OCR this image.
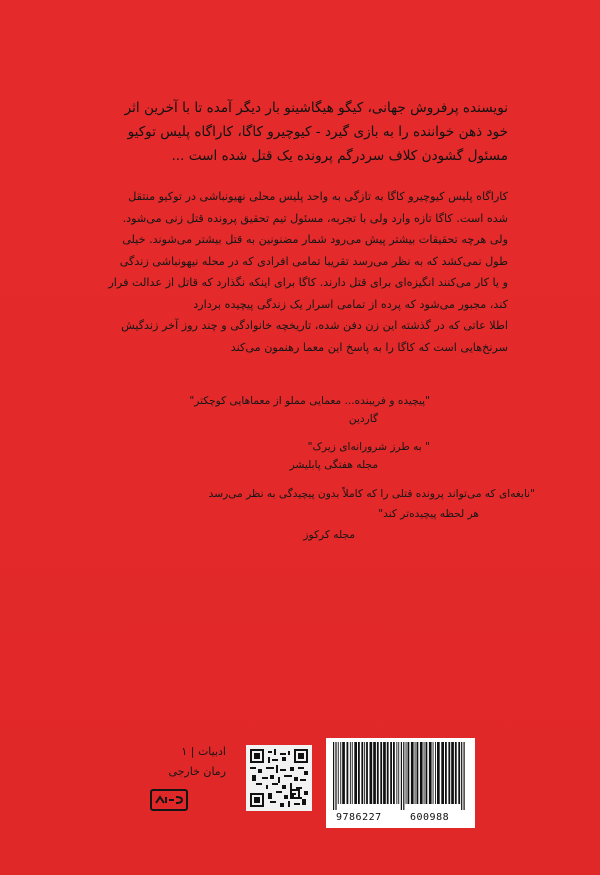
نویسنده پرفروش جهانی، کیگو هیگاشینو بار دیگر آمده تا با آخرین اثر

خود ذهن خواننده را به بازی گیرد - کیوچیرو کاگا، کاراگاه پلیس توکیو

مسئول گشودن کلاف سردرگم پرونده یک قتل شده است ...

کاراگاه پلیس کیوچیرو کاگا به تازگی به واحد پلیس محلی نهیونباشی در توکیو منتقل

شده است. کاگا تازه وارد ولی با تجربه، مسئول تیم تحقیق پرونده قتل زنی می‌شود.

ولی هرچه تحقیقات بیشتر پیش می‌رود شمار مضنونین به قتل بیشتر می‌شوند. خیلی

طول نمی‌کشد که به نظر می‌رسد تقریبا تمامی افرادی که در محله نیهونباشی زندگی

و یا کار می‌کنند انگیزه‌ای برای قتل دارند. کاگا برای اینکه نگذارد که قاتل از عدالت فرار

کند، مجبور می‌شود که پرده از تمامی اسرار یک زندگی پیچیده بردارد

اطلا عاتی که در گذشته این زن دفن شده، تاریخچه خانوادگی و چند روز آخر زندگیش

سرنخ‌هایی است که کاگا را به پاسخ این معما رهنمون می‌کند

"پیچیده و فریبنده... معمایی مملو از معماهایی کوچکتر"
گاردین
" به طرز شرورانه‌ای زیرک"
مجله هفتگی پابلیشر
"نابغه‌ای که می‌تواند پرونده قتلی را که کاملاً بدون پیچیدگی به نظر می‌رسد
هر لحظه پیچیده‌تر کند"
مجله کرکوز
ادبیات | ۱
رمان خارجی
9786227	600988
